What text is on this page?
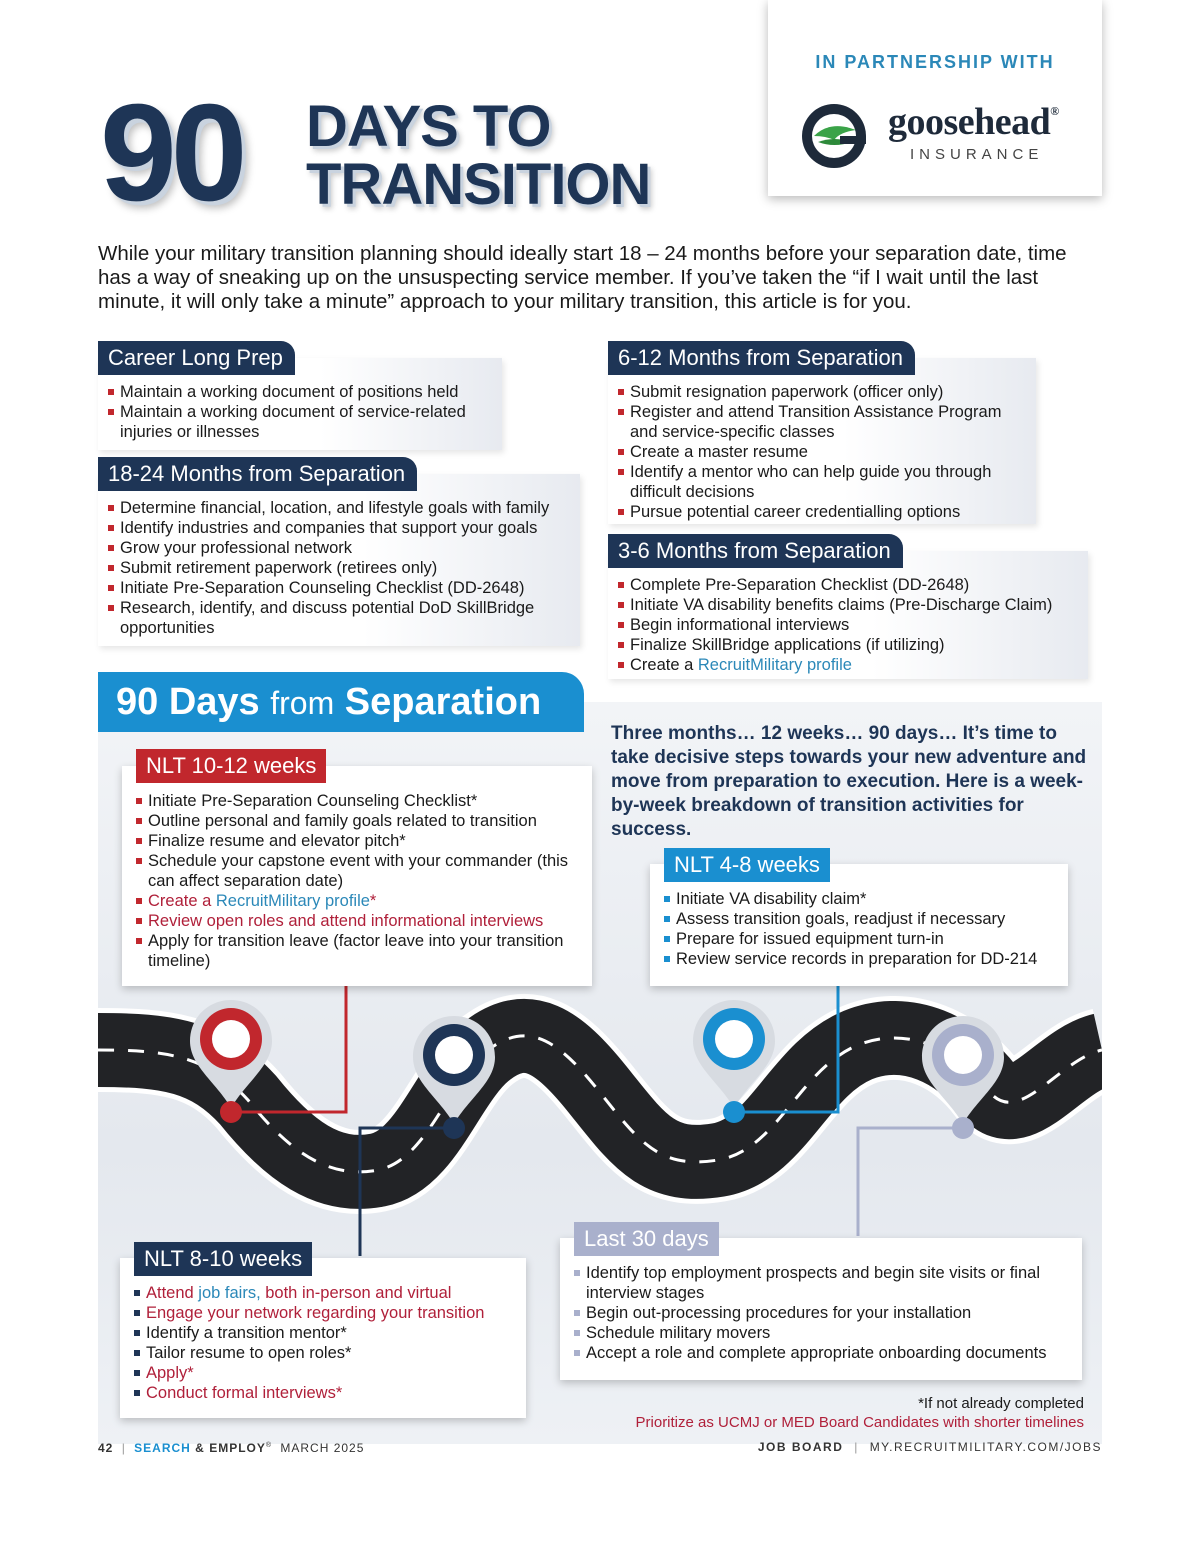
IN PARTNERSHIP WITH
goosehead®
INSURANCE
90 DAYS TO
TRANSITION
While your military transition planning should ideally start 18 – 24 months before your separation date, time has a way of sneaking up on the unsuspecting service member. If you’ve taken the “if I wait until the last minute, it will only take a minute” approach to your military transition, this article is for you.
Career Long Prep
Maintain a working document of positions held
Maintain a working document of service-related injuries or illnesses
18-24 Months from Separation
Determine financial, location, and lifestyle goals with family
Identify industries and companies that support your goals
Grow your professional network
Submit retirement paperwork (retirees only)
Initiate Pre-Separation Counseling Checklist (DD-2648)
Research, identify, and discuss potential DoD SkillBridge opportunities
6-12 Months from Separation
Submit resignation paperwork (officer only)
Register and attend Transition Assistance Program and service-specific classes
Create a master resume
Identify a mentor who can help guide you through difficult decisions
Pursue potential career credentialling options
3-6 Months from Separation
Complete Pre-Separation Checklist (DD-2648)
Initiate VA disability benefits claims (Pre-Discharge Claim)
Begin informational interviews
Finalize SkillBridge applications (if utilizing)
Create a RecruitMilitary profile
90 Days from Separation
Three months… 12 weeks… 90 days… It’s time to take decisive steps towards your new adventure and move from preparation to execution. Here is a week-by-week breakdown of transition activities for success.
NLT 10-12 weeks
Initiate Pre-Separation Counseling Checklist*
Outline personal and family goals related to transition
Finalize resume and elevator pitch*
Schedule your capstone event with your commander (this can affect separation date)
Create a RecruitMilitary profile*
Review open roles and attend informational interviews
Apply for transition leave (factor leave into your transition timeline)
NLT 4-8 weeks
Initiate VA disability claim*
Assess transition goals, readjust if necessary
Prepare for issued equipment turn-in
Review service records in preparation for DD-214
NLT 8-10 weeks
Attend job fairs, both in-person and virtual
Engage your network regarding your transition
Identify a transition mentor*
Tailor resume to open roles*
Apply*
Conduct formal interviews*
Last 30 days
Identify top employment prospects and begin site visits or final interview stages
Begin out-processing procedures for your installation
Schedule military movers
Accept a role and complete appropriate onboarding documents
*If not already completed
Prioritize as UCMJ or MED Board Candidates with shorter timelines
42 | SEARCH & EMPLOY® MARCH 2025	JOB BOARD | MY.RECRUITMILITARY.COM/JOBS
